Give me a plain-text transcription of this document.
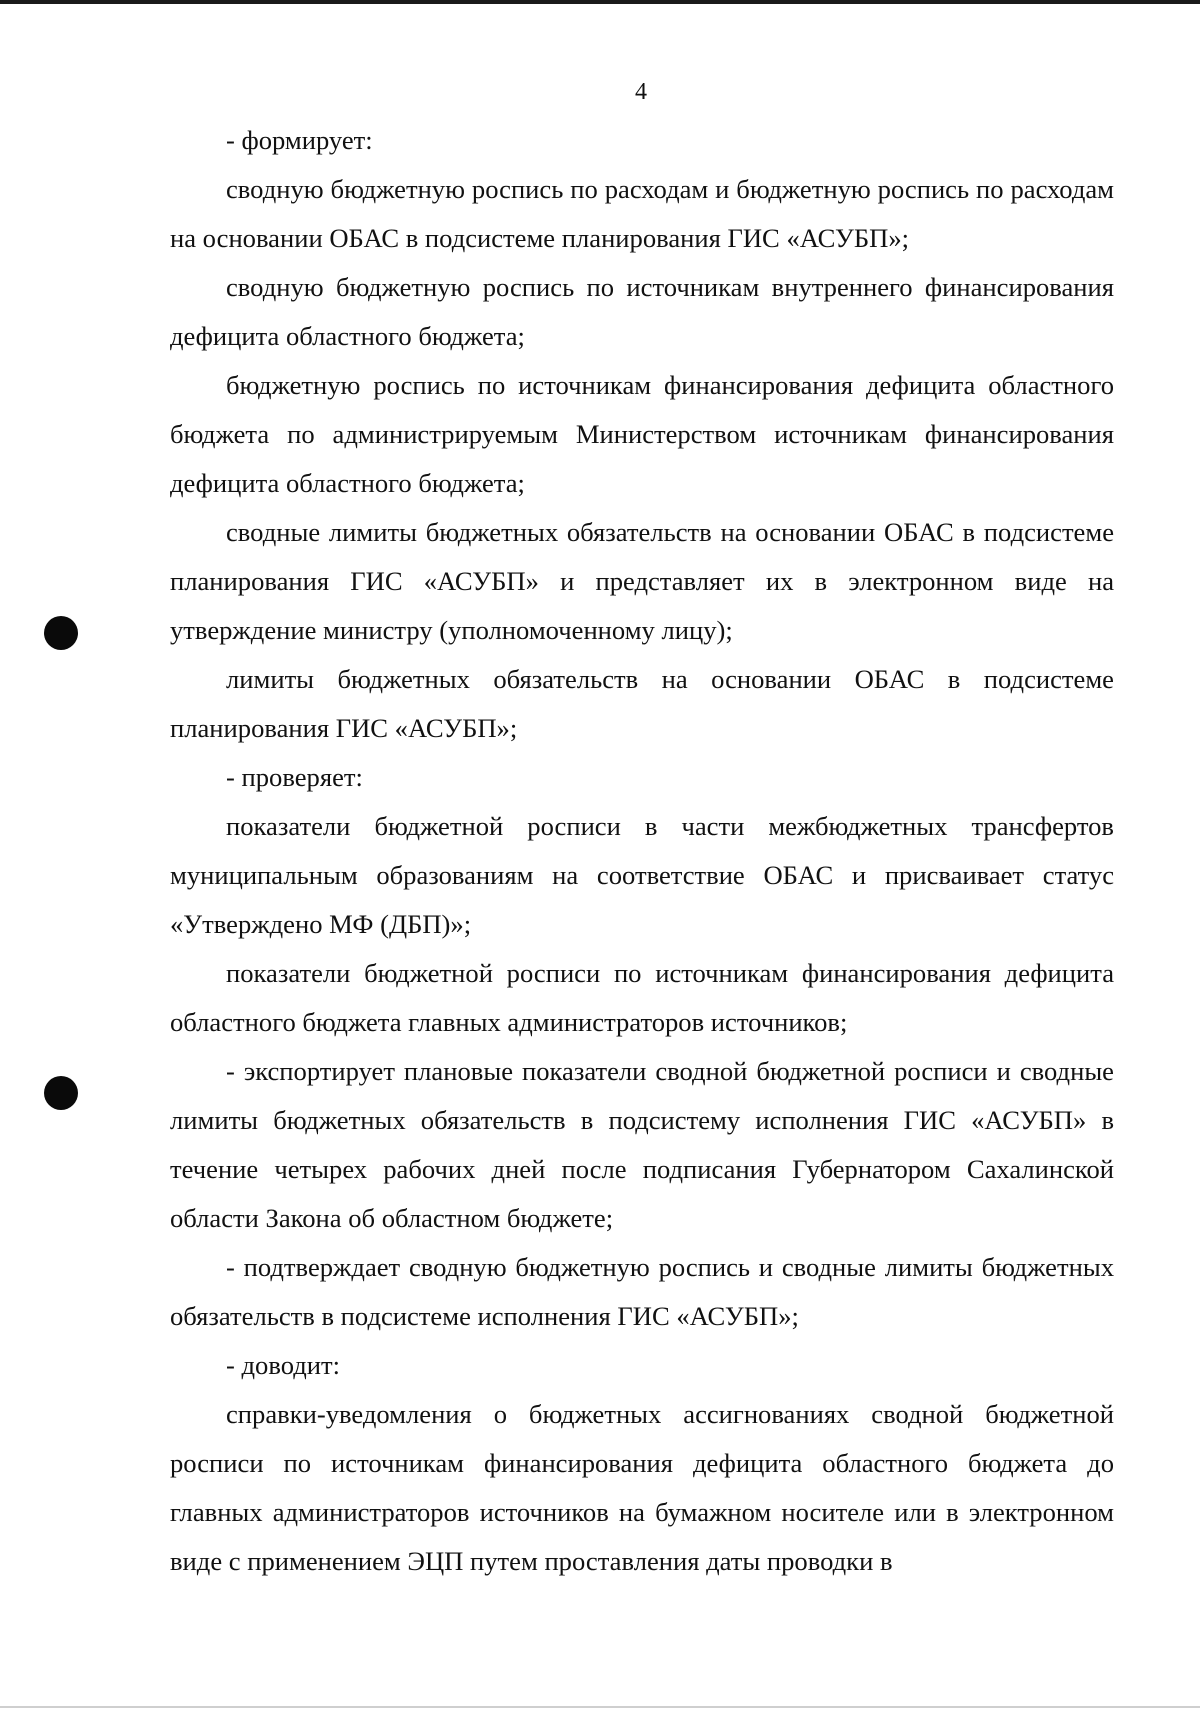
4

- формирует:

сводную бюджетную роспись по расходам и бюджетную роспись по расходам на основании ОБАС в подсистеме планирования ГИС «АСУБП»;

сводную бюджетную роспись по источникам внутреннего финансирования дефицита областного бюджета;

бюджетную роспись по источникам финансирования дефицита областного бюджета по администрируемым Министерством источникам финансирования дефицита областного бюджета;

сводные лимиты бюджетных обязательств на основании ОБАС в подсистеме планирования ГИС «АСУБП» и представляет их в электронном виде на утверждение министру (уполномоченному лицу);

лимиты бюджетных обязательств на основании ОБАС в подсистеме планирования ГИС «АСУБП»;

- проверяет:

показатели бюджетной росписи в части межбюджетных трансфертов муниципальным образованиям на соответствие ОБАС и присваивает статус «Утверждено МФ (ДБП)»;

показатели бюджетной росписи по источникам финансирования дефицита областного бюджета главных администраторов источников;

- экспортирует плановые показатели сводной бюджетной росписи и сводные лимиты бюджетных обязательств в подсистему исполнения ГИС «АСУБП» в течение четырех рабочих дней после подписания Губернатором Сахалинской области Закона об областном бюджете;

- подтверждает сводную бюджетную роспись и сводные лимиты бюджетных обязательств в подсистеме исполнения ГИС «АСУБП»;

- доводит:

справки-уведомления о бюджетных ассигнованиях сводной бюджетной росписи по источникам финансирования дефицита областного бюджета до главных администраторов источников на бумажном носителе или в электронном виде с применением ЭЦП путем проставления даты проводки в
